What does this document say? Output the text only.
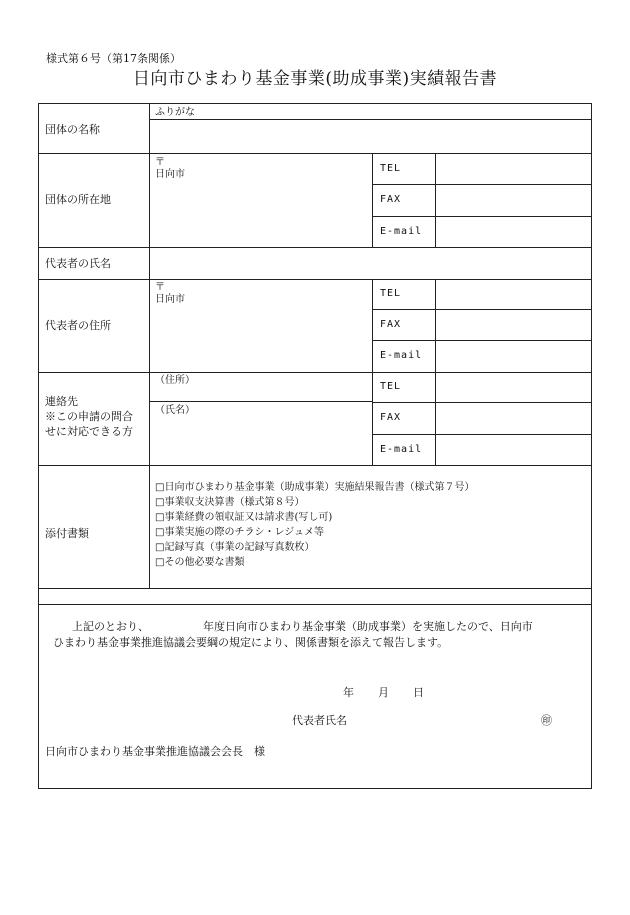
様式第６号（第17条関係）
日向市ひまわり基金事業(助成事業)実績報告書
団体の名称
ふりがな
団体の所在地
〒
日向市
TEL
FAX
E-mail
代表者の氏名
代表者の住所
〒
日向市
TEL
FAX
E-mail
連絡先
※この申請の問合
せに対応できる方
（住所）
（氏名）
TEL
FAX
E-mail
添付書類
□日向市ひまわり基金事業（助成事業）実施結果報告書（様式第７号）
□事業収支決算書（様式第８号）
□事業経費の領収証又は請求書(写し可)
□事業実施の際のチラシ・レジュメ等
□記録写真（事業の記録写真数枚）
□その他必要な書類
上記のとおり、	年度日向市ひまわり基金事業（助成事業）を実施したので、日向市
ひまわり基金事業推進協議会要綱の規定により、関係書類を添えて報告します。
年 月 日
代表者氏名	㊞
日向市ひまわり基金事業推進協議会会長　様
